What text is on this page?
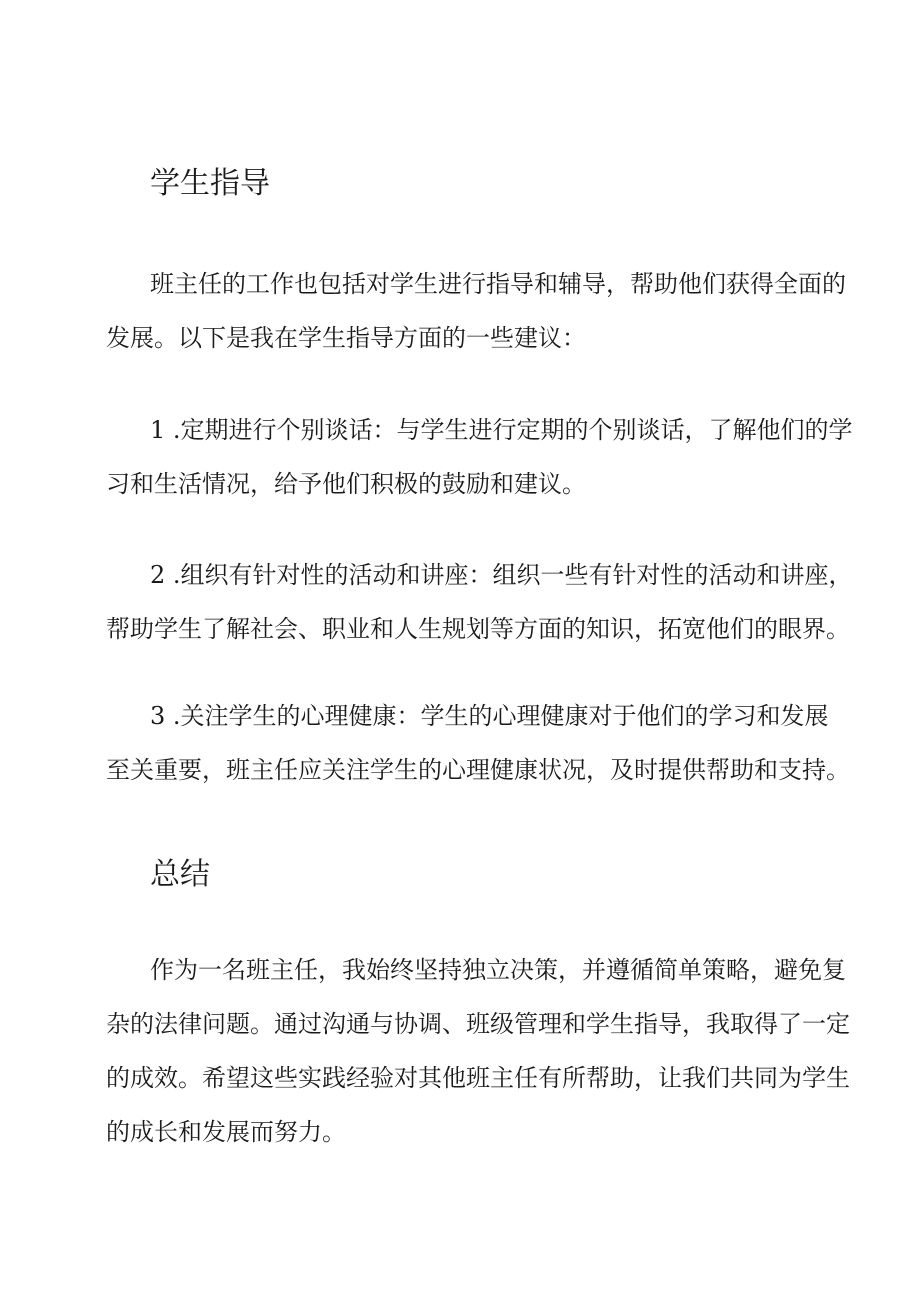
学生指导
班主任的工作也包括对学生进行指导和辅导，帮助他们获得全面的
发展。以下是我在学生指导方面的一些建议：
1 .定期进行个别谈话：与学生进行定期的个别谈话，了解他们的学
习和生活情况，给予他们积极的鼓励和建议。
2 .组织有针对性的活动和讲座：组织一些有针对性的活动和讲座，
帮助学生了解社会、职业和人生规划等方面的知识，拓宽他们的眼界。
3 .关注学生的心理健康：学生的心理健康对于他们的学习和发展
至关重要，班主任应关注学生的心理健康状况，及时提供帮助和支持。
总结
作为一名班主任，我始终坚持独立决策，并遵循简单策略，避免复
杂的法律问题。通过沟通与协调、班级管理和学生指导，我取得了一定
的成效。希望这些实践经验对其他班主任有所帮助，让我们共同为学生
的成长和发展而努力。
